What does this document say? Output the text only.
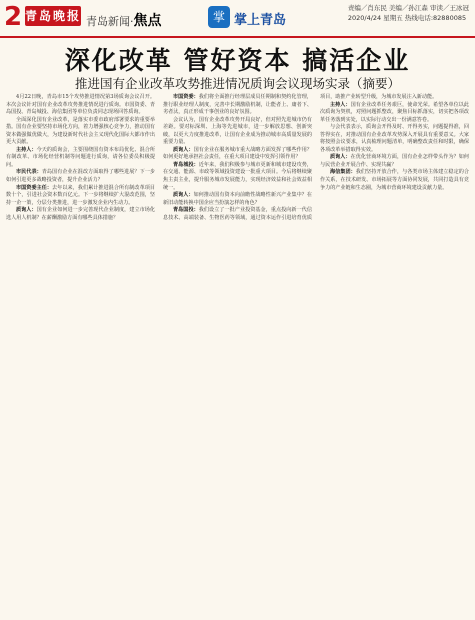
2 青岛晚报 青岛新闻·焦点	掌 掌上青岛
责编／肖东民 美编／孙江森 审读／王冰冠
2020/4/24 星期五 热线电话:82880085
深化改革 管好资本 搞活企业
推进国有企业改革攻势推进情况质询会议现场实录（摘要）

4月22日晚，青岛市15个攻势推进情况第3场质询会议召开。本次会议针对国有企业改革攻势推进情况进行质询。市国资委、青岛国投、青岛城投、海信集团等单位负责同志现场回答质询。

全面深化国有企业改革，是落实市委市政府部署要求的重要举措。国有企业要坚持市场化方向，着力增强核心竞争力，推动国有资本做强做优做大，为建设新时代社会主义现代化国际大都市作出更大贡献。

主持人：今天的质询会，主要围绕国有资本布局优化、混合所有制改革、市场化经营机制等问题进行质询，请各位委员积极提问。

市民代表：青岛国有企业在混改方面取得了哪些进展？下一步如何引进更多战略投资者，提升企业活力？

市国资委主任：去年以来，我们累计推进混合所有制改革项目数十个，引进社会资本数百亿元。下一步将继续扩大混改范围，坚持一企一策，分层分类推进，进一步激发企业内生动力。

质询人：国有企业如何进一步完善现代企业制度，建立市场化选人用人机制？在薪酬激励方面有哪些具体措施？

市国资委：我们将全面推行经理层成员任期制和契约化管理，推行职业经理人制度，完善中长期激励机制，让能者上、庸者下、劣者汰，真正形成干事创业的良好氛围。

会议认为，国有企业改革攻势开局良好，但对照先进城市仍有差距。要对标深圳、上海等先进城市，进一步解放思想、创新突破，以更大力度推进改革，让国有企业成为推动城市高质量发展的重要力量。

质询人：国有企业在服务城市重大战略方面发挥了哪些作用？如何更好地承担社会责任，在重大项目建设中发挥引领作用？

青岛城投：近年来，我们积极参与城市更新和城市建设攻势，在交通、能源、市政等领域投资建设一批重大项目。今后将继续聚焦主责主业，提升服务城市发展能力，实现经济效益和社会效益相统一。

质询人：如何推动国有资本向前瞻性战略性新兴产业集中？在新旧动能转换中国企应当扮演怎样的角色？

青岛国投：我们设立了一批产业投资基金，重点投向新一代信息技术、高端装备、生物医药等领域，通过资本运作引进培育优质项目，助推产业转型升级，为城市发展注入新动能。

主持人：国有企业改革任务艰巨，使命光荣。希望各单位以此次质询为契机，对照问题抓整改，聚焦目标抓落实，切实把各项改革任务落到实处，以实际行动交出一份满意答卷。

与会代表表示，质询会开得及时、开得务实，问题提得准，回答得实在，对推动国有企业改革攻势深入开展具有重要意义。大家将按照会议要求，认真梳理问题清单，明确整改责任和时限，确保各项改革举措取得实效。

质询人：在优化营商环境方面，国有企业怎样带头作为？如何与民营企业开展合作、实现共赢？

海信集团：我们坚持开放合作，与各类市场主体建立稳定的合作关系，在技术研发、市场拓展等方面协同发展，共同打造具有竞争力的产业链和生态圈，为城市营商环境建设贡献力量。
